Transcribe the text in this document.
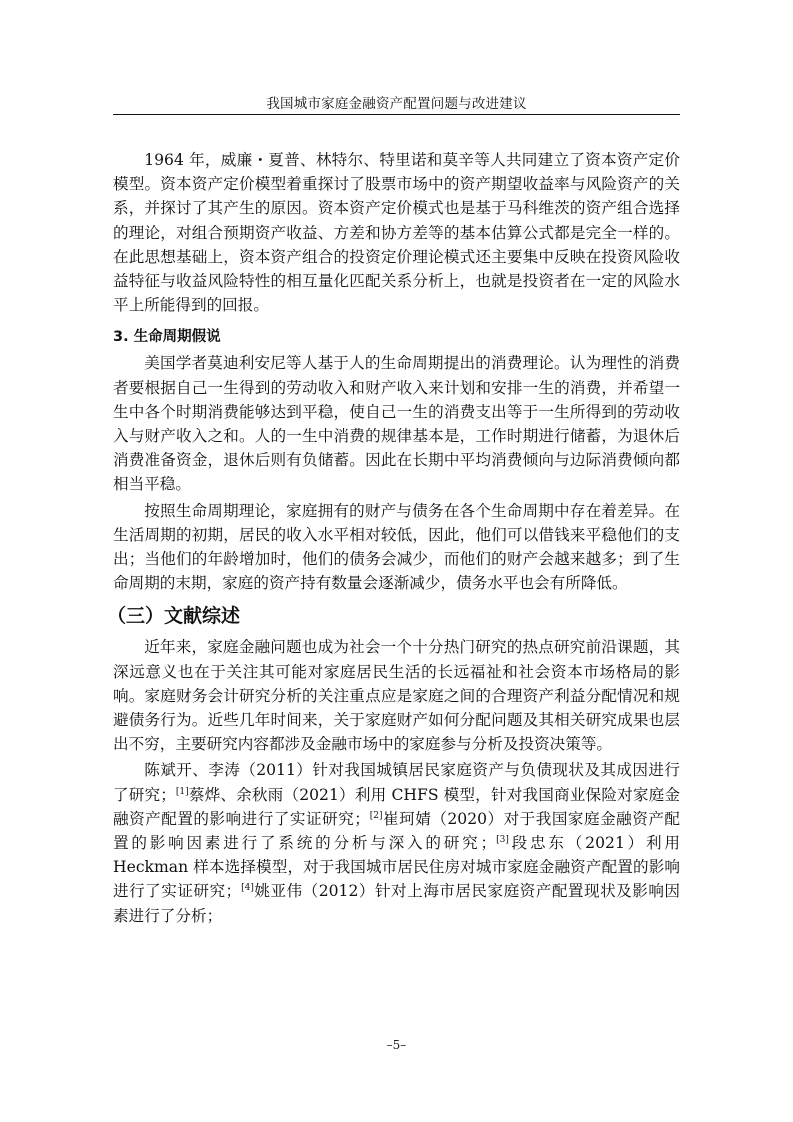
我国城市家庭金融资产配置问题与改进建议

1964 年，威廉・夏普、林特尔、特里诺和莫辛等人共同建立了资本资产定价模型。资本资产定价模型着重探讨了股票市场中的资产期望收益率与风险资产的关系，并探讨了其产生的原因。资本资产定价模式也是基于马科维茨的资产组合选择的理论，对组合预期资产收益、方差和协方差等的基本估算公式都是完全一样的。在此思想基础上，资本资产组合的投资定价理论模式还主要集中反映在投资风险收益特征与收益风险特性的相互量化匹配关系分析上，也就是投资者在一定的风险水平上所能得到的回报。

3. 生命周期假说

美国学者莫迪利安尼等人基于人的生命周期提出的消费理论。认为理性的消费者要根据自己一生得到的劳动收入和财产收入来计划和安排一生的消费，并希望一生中各个时期消费能够达到平稳，使自己一生的消费支出等于一生所得到的劳动收入与财产收入之和。人的一生中消费的规律基本是，工作时期进行储蓄，为退休后消费准备资金，退休后则有负储蓄。因此在长期中平均消费倾向与边际消费倾向都相当平稳。

按照生命周期理论，家庭拥有的财产与债务在各个生命周期中存在着差异。在生活周期的初期，居民的收入水平相对较低，因此，他们可以借钱来平稳他们的支出；当他们的年龄增加时，他们的债务会减少，而他们的财产会越来越多；到了生命周期的末期，家庭的资产持有数量会逐渐减少，债务水平也会有所降低。

（三）文献综述

近年来，家庭金融问题也成为社会一个十分热门研究的热点研究前沿课题，其深远意义也在于关注其可能对家庭居民生活的长远福祉和社会资本市场格局的影响。家庭财务会计研究分析的关注重点应是家庭之间的合理资产利益分配情况和规避债务行为。近些几年时间来，关于家庭财产如何分配问题及其相关研究成果也层出不穷，主要研究内容都涉及金融市场中的家庭参与分析及投资决策等。

陈斌开、李涛（2011）针对我国城镇居民家庭资产与负债现状及其成因进行了研究；[1]蔡烨、余秋雨（2021）利用 CHFS 模型，针对我国商业保险对家庭金融资产配置的影响进行了实证研究；[2]崔珂婧（2020）对于我国家庭金融资产配置的影响因素进行了系统的分析与深入的研究；[3]段忠东（2021）利用 Heckman 样本选择模型，对于我国城市居民住房对城市家庭金融资产配置的影响进行了实证研究；[4]姚亚伟（2012）针对上海市居民家庭资产配置现状及影响因素进行了分析；

–5–
